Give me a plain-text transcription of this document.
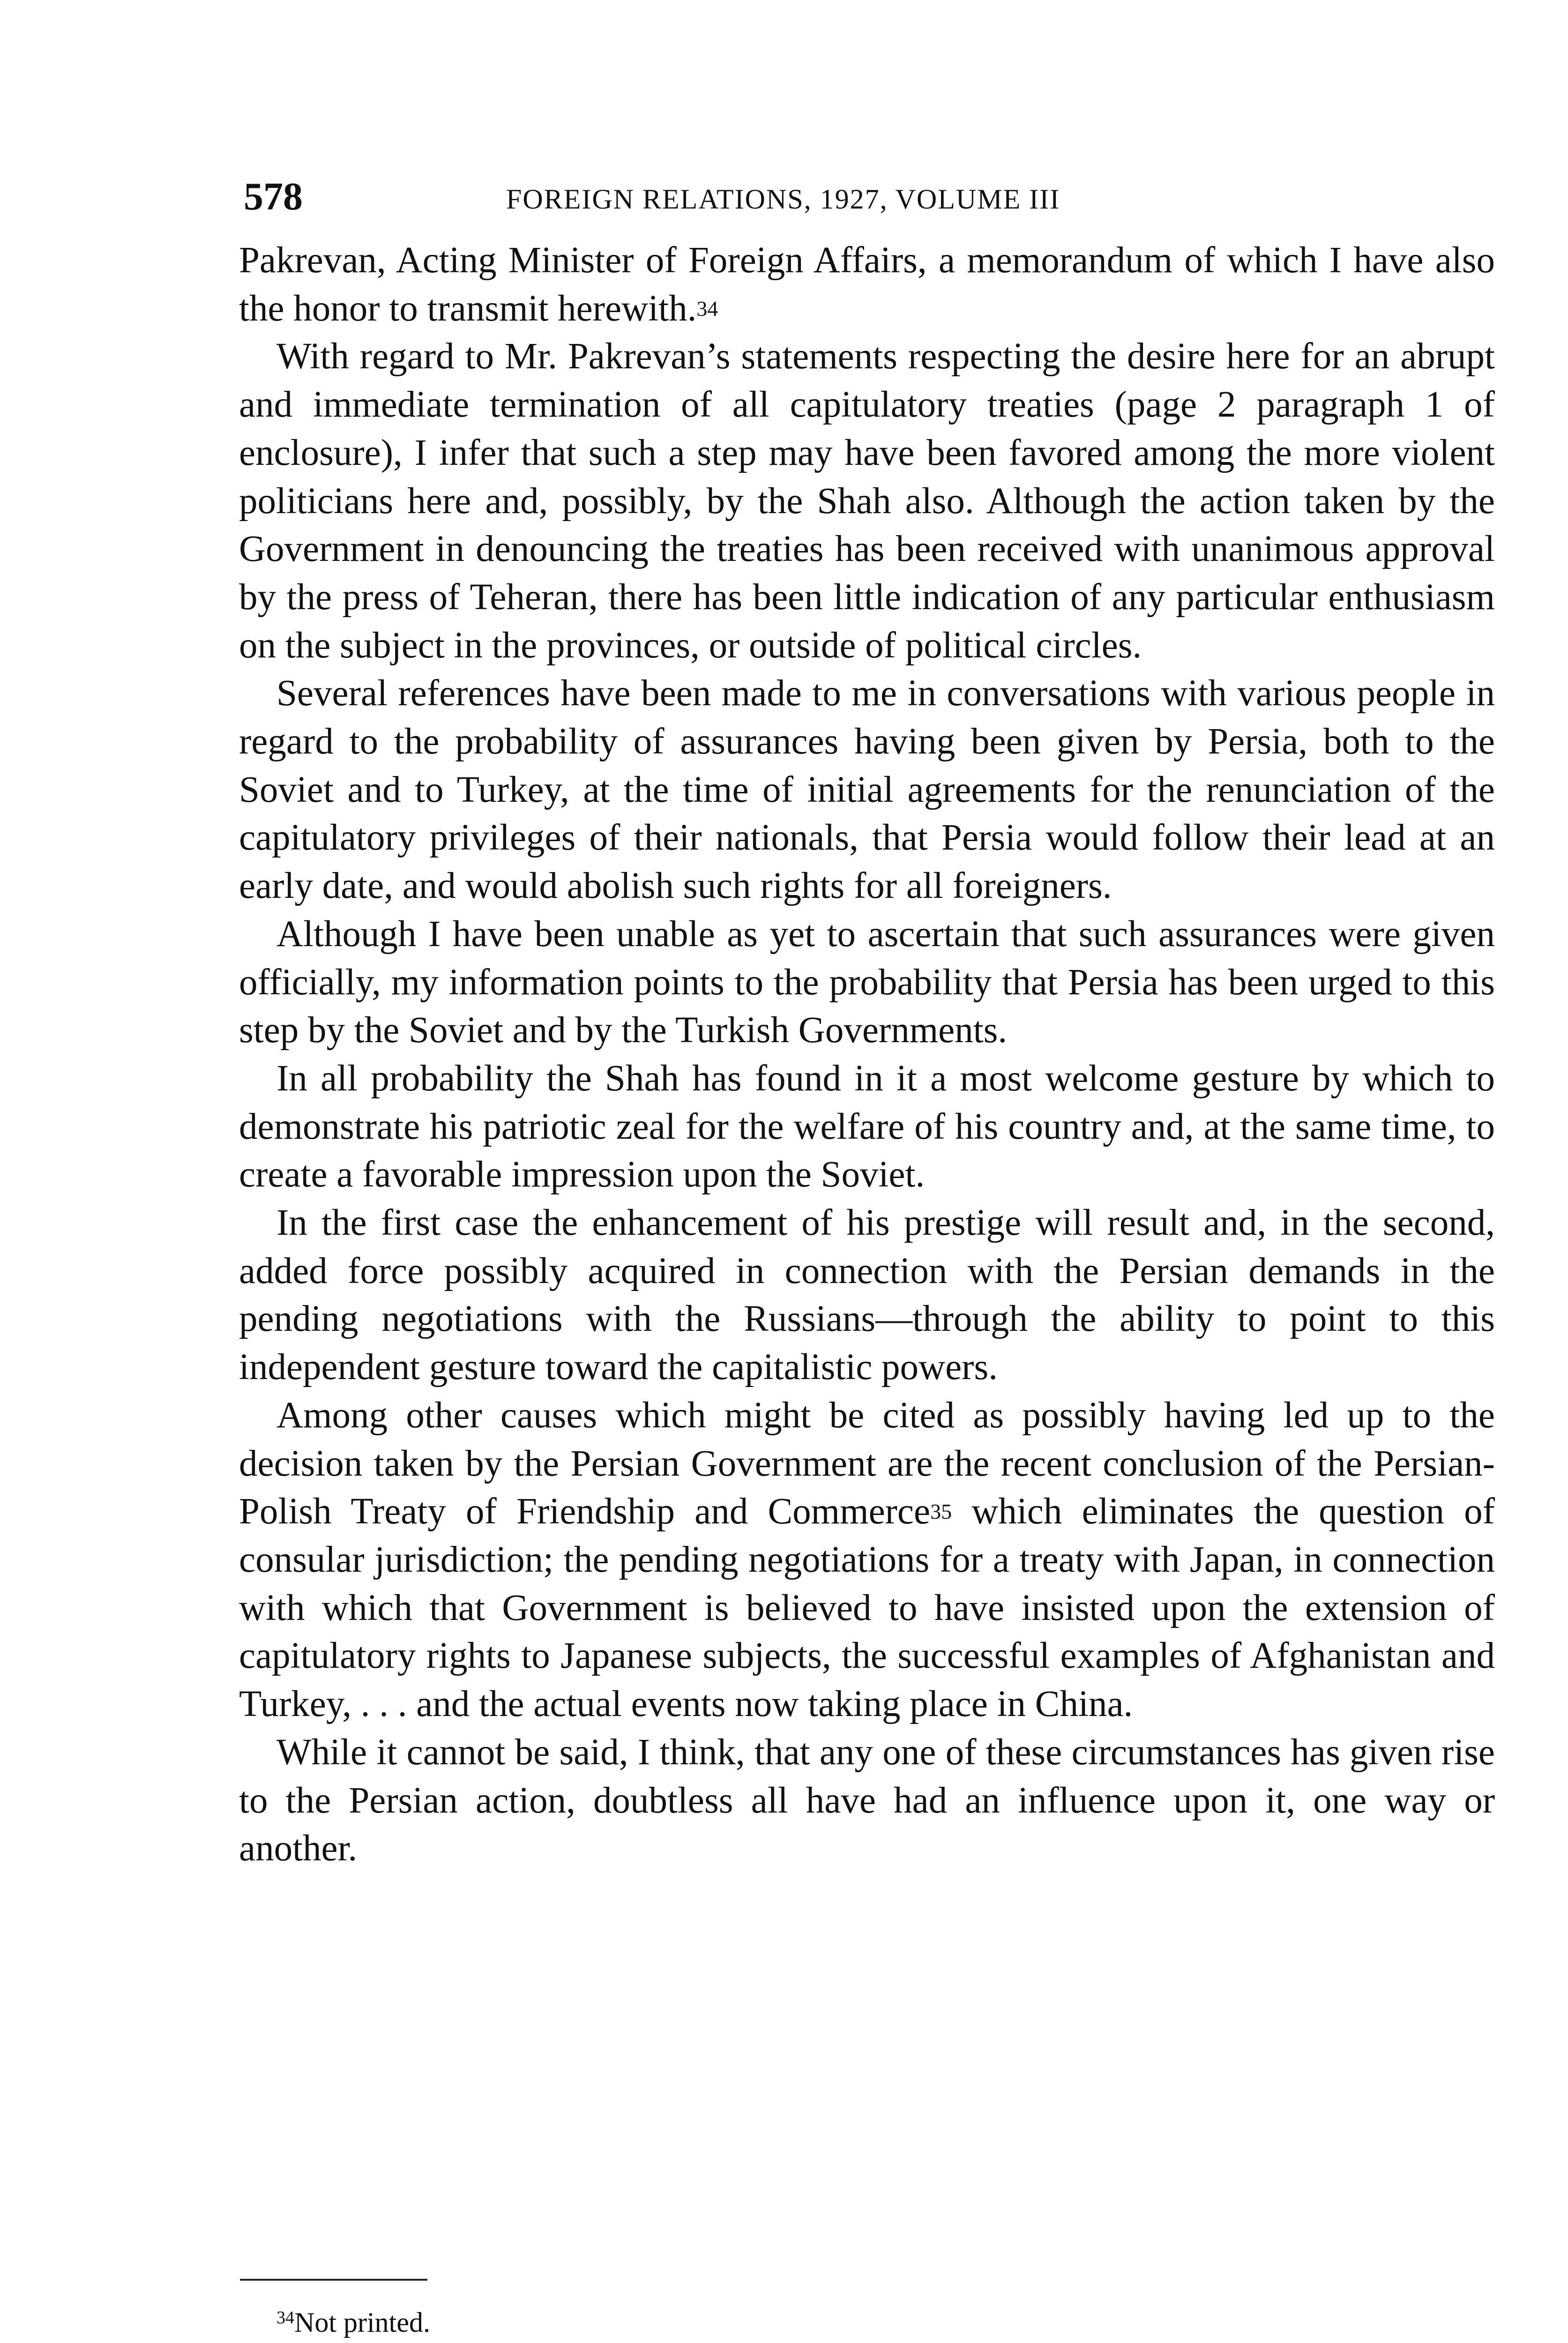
578	FOREIGN RELATIONS, 1927, VOLUME III

Pakrevan, Acting Minister of Foreign Affairs, a memorandum of which I have also the honor to transmit herewith.$^{34}$

With regard to Mr. Pakrevan’s statements respecting the desire here for an abrupt and immediate termination of all capitulatory treaties (page 2 paragraph 1 of enclosure), I infer that such a step may have been favored among the more violent politicians here and, possibly, by the Shah also. Although the action taken by the Government in denouncing the treaties has been received with unanimous approval by the press of Teheran, there has been little indication of any particular enthusiasm on the subject in the provinces, or outside of political circles.

Several references have been made to me in conversations with various people in regard to the probability of assurances having been given by Persia, both to the Soviet and to Turkey, at the time of initial agreements for the renunciation of the capitulatory privileges of their nationals, that Persia would follow their lead at an early date, and would abolish such rights for all foreigners.

Although I have been unable as yet to ascertain that such assurances were given officially, my information points to the probability that Persia has been urged to this step by the Soviet and by the Turkish Governments.

In all probability the Shah has found in it a most welcome gesture by which to demonstrate his patriotic zeal for the welfare of his country and, at the same time, to create a favorable impression upon the Soviet.

In the first case the enhancement of his prestige will result and, in the second, added force possibly acquired in connection with the Persian demands in the pending negotiations with the Russians—through the ability to point to this independent gesture toward the capitalistic powers.

Among other causes which might be cited as possibly having led up to the decision taken by the Persian Government are the recent conclusion of the Persian-Polish Treaty of Friendship and Commerce$^{35}$ which eliminates the question of consular jurisdiction; the pending negotiations for a treaty with Japan, in connection with which that Government is believed to have insisted upon the extension of capitulatory rights to Japanese subjects, the successful examples of Afghanistan and Turkey, . . . and the actual events now taking place in China.

While it cannot be said, I think, that any one of these circumstances has given rise to the Persian action, doubtless all have had an influence upon it, one way or another.

$^{34}$Not printed.
